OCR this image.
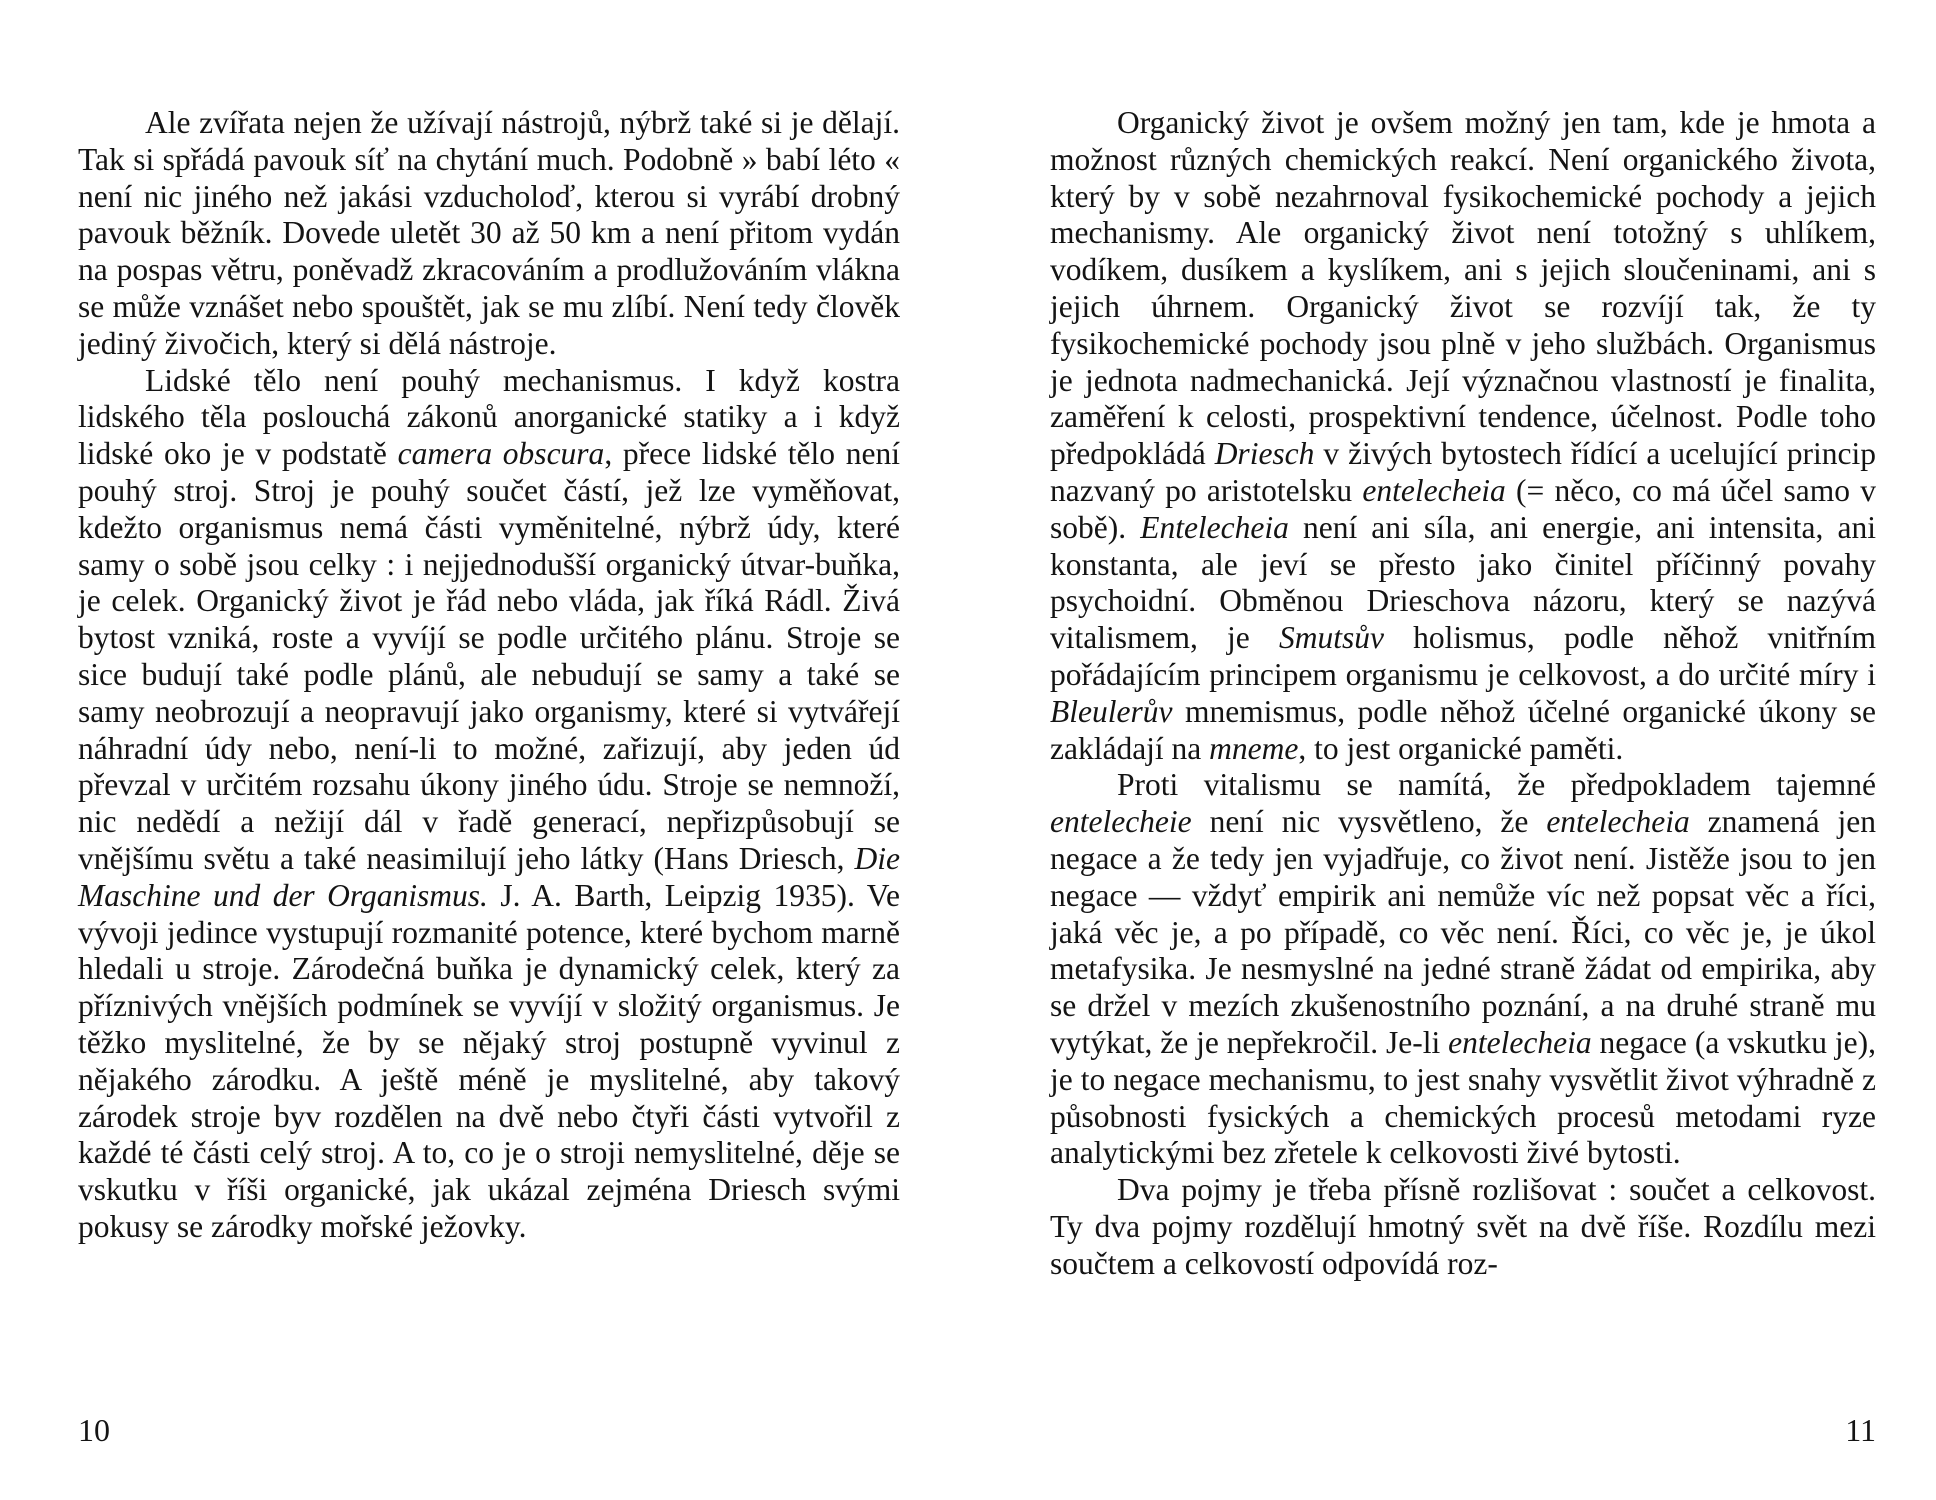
Ale zvířata nejen že užívají nástrojů, nýbrž také si je dělají. Tak si spřádá pavouk síť na chytání much. Podobně » babí léto « není nic jiného než jakási vzducholoď, kterou si vyrábí drobný pavouk běžník. Dovede uletět 30 až 50 km a není přitom vydán na pospas větru, poněvadž zkracováním a prodlužováním vlákna se může vznášet nebo spouštět, jak se mu zlíbí. Není tedy člověk jediný živočich, který si dělá nástroje.

Lidské tělo není pouhý mechanismus. I když kostra lidského těla poslouchá zákonů anorganické statiky a i když lidské oko je v podstatě camera obscura, přece lidské tělo není pouhý stroj. Stroj je pouhý součet částí, jež lze vyměňovat, kdežto organismus nemá části vyměnitelné, nýbrž údy, které samy o sobě jsou celky : i nejjednodušší organický útvar-buňka, je celek. Organický život je řád nebo vláda, jak říká Rádl. Živá bytost vzniká, roste a vyvíjí se podle určitého plánu. Stroje se sice budují také podle plánů, ale nebudují se samy a také se samy neobrozují a neopravují jako organismy, které si vytvářejí náhradní údy nebo, není-li to možné, zařizují, aby jeden úd převzal v určitém rozsahu úkony jiného údu. Stroje se nemnoží, nic nedědí a nežijí dál v řadě generací, nepřizpůsobují se vnějšímu světu a také neasimilují jeho látky (Hans Driesch, Die Maschine und der Organismus. J. A. Barth, Leipzig 1935). Ve vývoji jedince vystupují rozmanité potence, které bychom marně hledali u stroje. Zárodečná buňka je dynamický celek, který za příznivých vnějších podmínek se vyvíjí v složitý organismus. Je těžko myslitelné, že by se nějaký stroj postupně vyvinul z nějakého zárodku. A ještě méně je myslitelné, aby takový zárodek stroje byv rozdělen na dvě nebo čtyři části vytvořil z každé té části celý stroj. A to, co je o stroji nemyslitelné, děje se vskutku v říši organické, jak ukázal zejména Driesch svými pokusy se zárodky mořské ježovky.

10

Organický život je ovšem možný jen tam, kde je hmota a možnost různých chemických reakcí. Není organického života, který by v sobě nezahrnoval fysikochemické pochody a jejich mechanismy. Ale organický život není totožný s uhlíkem, vodíkem, dusíkem a kyslíkem, ani s jejich sloučeninami, ani s jejich úhrnem. Organický život se rozvíjí tak, že ty fysikochemické pochody jsou plně v jeho službách. Organismus je jednota nadmechanická. Její význačnou vlastností je finalita, zaměření k celosti, prospektivní tendence, účelnost. Podle toho předpokládá Driesch v živých bytostech řídící a ucelující princip nazvaný po aristotelsku entelecheia (= něco, co má účel samo v sobě). Entelecheia není ani síla, ani energie, ani intensita, ani konstanta, ale jeví se přesto jako činitel příčinný povahy psychoidní. Obměnou Drieschova názoru, který se nazývá vitalismem, je Smutsův holismus, podle něhož vnitřním pořádajícím principem organismu je celkovost, a do určité míry i Bleulerův mnemismus, podle něhož účelné organické úkony se zakládají na mneme, to jest organické paměti.

Proti vitalismu se namítá, že předpokladem tajemné entelecheie není nic vysvětleno, že entelecheia znamená jen negace a že tedy jen vyjadřuje, co život není. Jistěže jsou to jen negace — vždyť empirik ani nemůže víc než popsat věc a říci, jaká věc je, a po případě, co věc není. Říci, co věc je, je úkol metafysika. Je nesmyslné na jedné straně žádat od empirika, aby se držel v mezích zkušenostního poznání, a na druhé straně mu vytýkat, že je nepřekročil. Je-li entelecheia negace (a vskutku je), je to negace mechanismu, to jest snahy vysvětlit život výhradně z působnosti fysických a chemických procesů metodami ryze analytickými bez zřetele k celkovosti živé bytosti.

Dva pojmy je třeba přísně rozlišovat : součet a celkovost. Ty dva pojmy rozdělují hmotný svět na dvě říše. Rozdílu mezi součtem a celkovostí odpovídá roz-

11
